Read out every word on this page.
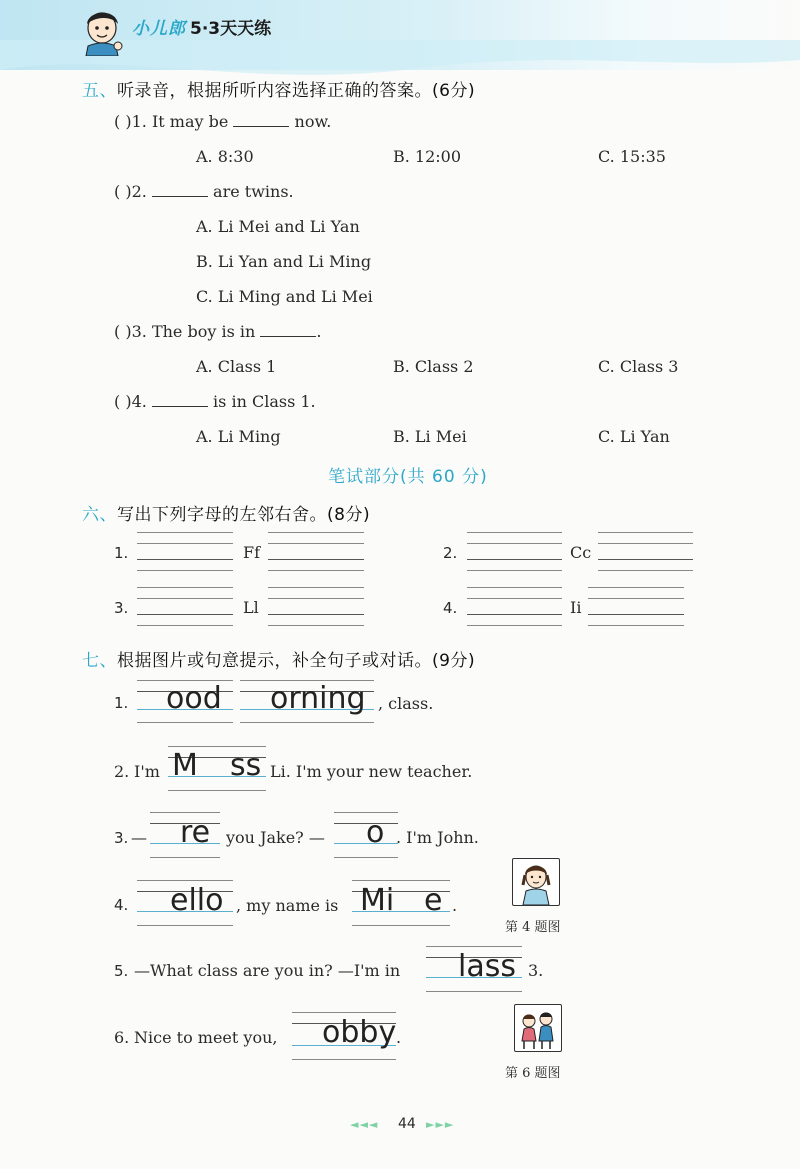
小儿郎 5·3天天练
五、听录音，根据所听内容选择正确的答案。(6分)
( )1. It may be	now.
A. 8:30	B. 12:00	C. 15:35
( )2.	are twins.
A. Li Mei and Li Yan
B. Li Yan and Li Ming
C. Li Ming and Li Mei
( )3. The boy is in	.
A. Class 1	B. Class 2	C. Class 3
( )4.	is in Class 1.
A. Li Ming	B. Li Mei	C. Li Yan
笔试部分(共 60 分)
六、写出下列字母的左邻右舍。(8分)
1.	Ff	2.	Cc
3.	Ll	4.	Ii
七、根据图片或句意提示，补全句子或对话。(9分)
1. ood orning , class.
2. I'm M ss Li. I'm your new teacher.
3. — re you Jake? — o . I'm John.
4. ello , my name is Mi e .
第 4 题图
5. —What class are you in? —I'm in lass 3.
6. Nice to meet you, obby .
第 6 题图
◄◄◄ 44 ►►►
